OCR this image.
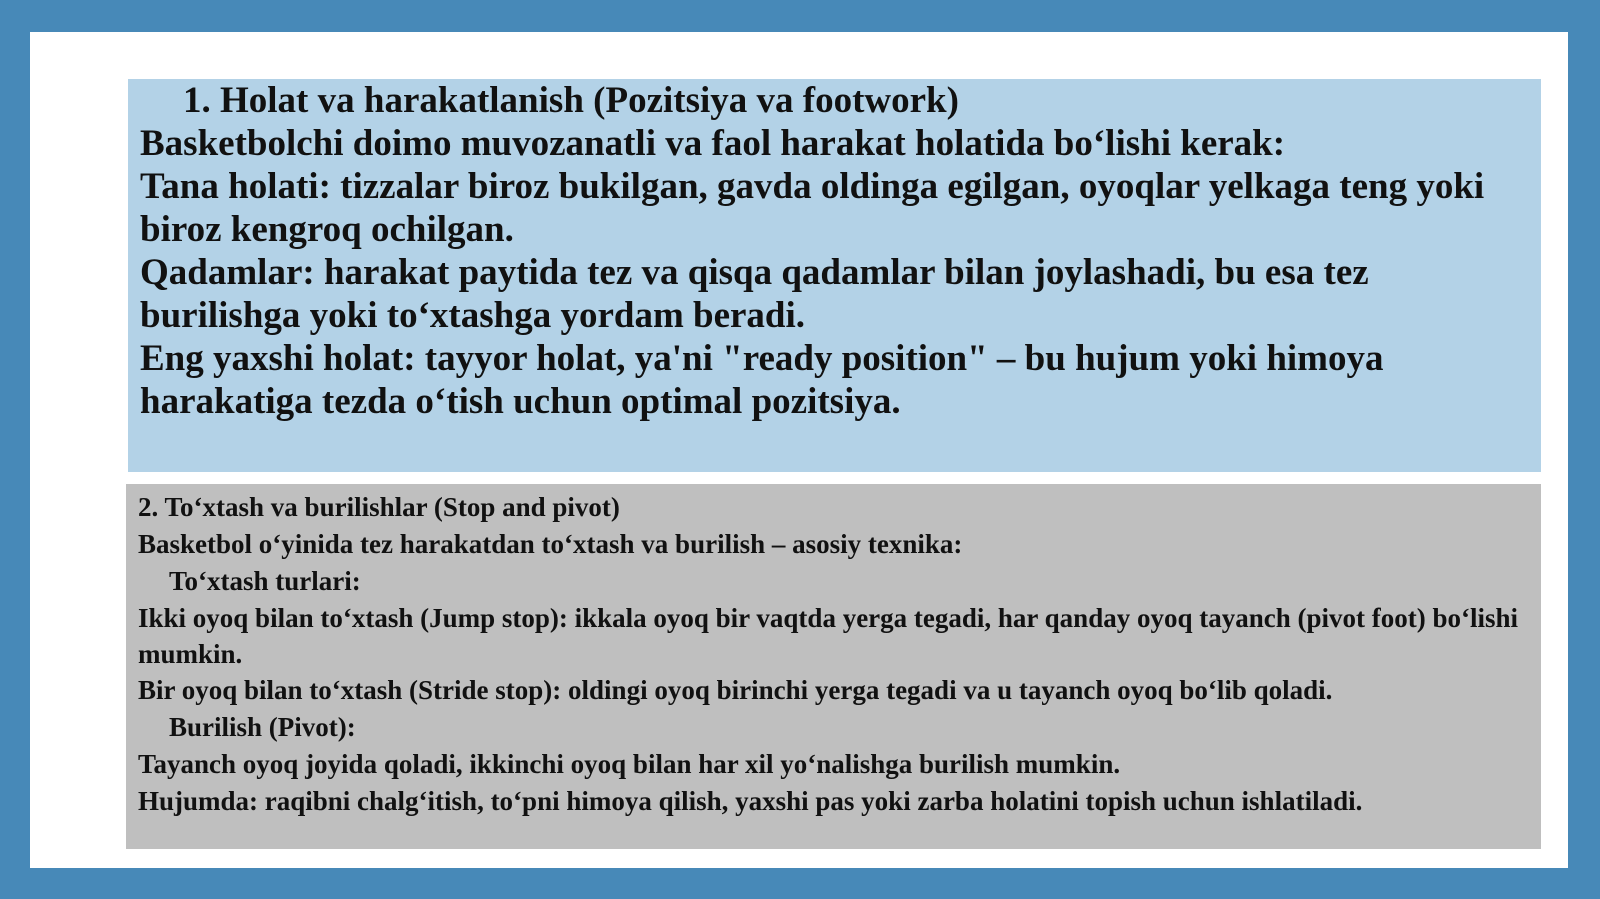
1. Holat va harakatlanish (Pozitsiya va footwork)
Basketbolchi doimo muvozanatli va faol harakat holatida bo‘lishi kerak:
Tana holati: tizzalar biroz bukilgan, gavda oldinga egilgan, oyoqlar yelkaga teng yoki biroz kengroq ochilgan.
Qadamlar: harakat paytida tez va qisqa qadamlar bilan joylashadi, bu esa tez burilishga yoki to‘xtashga yordam beradi.
Eng yaxshi holat: tayyor holat, ya'ni "ready position" – bu hujum yoki himoya harakatiga tezda o‘tish uchun optimal pozitsiya.
2. To‘xtash va burilishlar (Stop and pivot)
Basketbol o‘yinida tez harakatdan to‘xtash va burilish – asosiy texnika:
To‘xtash turlari:
Ikki oyoq bilan to‘xtash (Jump stop): ikkala oyoq bir vaqtda yerga tegadi, har qanday oyoq tayanch (pivot foot) bo‘lishi mumkin.
Bir oyoq bilan to‘xtash (Stride stop): oldingi oyoq birinchi yerga tegadi va u tayanch oyoq bo‘lib qoladi.
Burilish (Pivot):
Tayanch oyoq joyida qoladi, ikkinchi oyoq bilan har xil yo‘nalishga burilish mumkin.
Hujumda: raqibni chalg‘itish, to‘pni himoya qilish, yaxshi pas yoki zarba holatini topish uchun ishlatiladi.
